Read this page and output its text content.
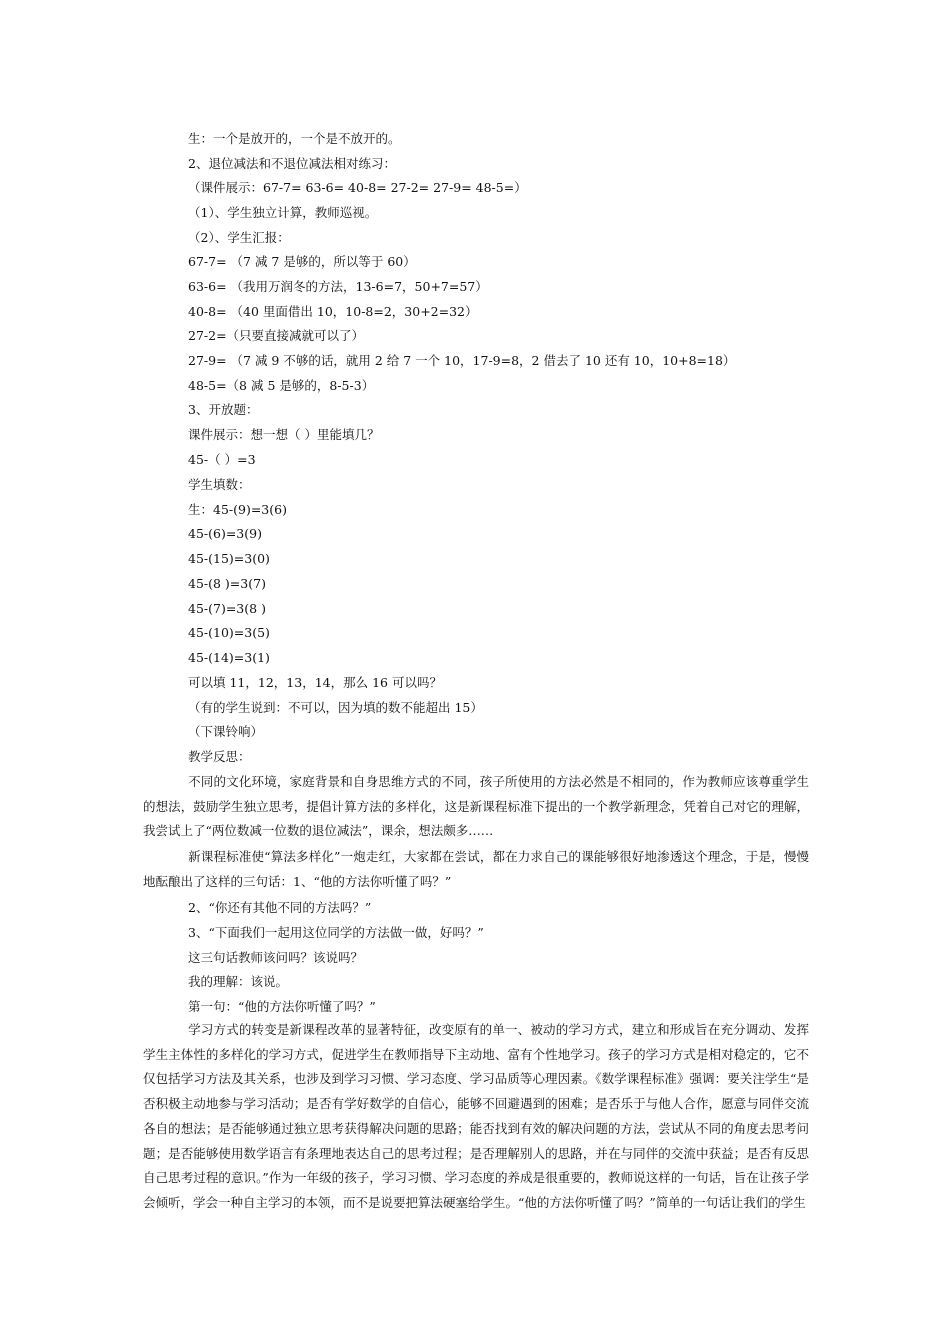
生：一个是放开的，一个是不放开的。
2、退位减法和不退位减法相对练习：
（课件展示：67-7= 63-6= 40-8= 27-2= 27-9= 48-5=）
（1）、学生独立计算，教师巡视。
（2）、学生汇报：
67-7= （7 减 7 是够的，所以等于 60）
63-6= （我用万润冬的方法，13-6=7，50+7=57）
40-8= （40 里面借出 10，10-8=2，30+2=32）
27-2=（只要直接减就可以了）
27-9= （7 减 9 不够的话，就用 2 给 7 一个 10，17-9=8，2 借去了 10 还有 10，10+8=18）
48-5=（8 减 5 是够的，8-5-3）
3、开放题：
课件展示：想一想（ ）里能填几？
45-（ ）=3
学生填数：
生：45-(9)=3(6)
45-(6)=3(9)
45-(15)=3(0)
45-(8 )=3(7)
45-(7)=3(8 )
45-(10)=3(5)
45-(14)=3(1)
可以填 11，12，13，14，那么 16 可以吗？
（有的学生说到：不可以，因为填的数不能超出 15）
（下课铃响）
教学反思：
不同的文化环境，家庭背景和自身思维方式的不同，孩子所使用的方法必然是不相同的，作为教师应该尊重学生的想法，鼓励学生独立思考，提倡计算方法的多样化，这是新课程标准下提出的一个教学新理念，凭着自己对它的理解，我尝试上了“两位数减一位数的退位减法”，课余，想法颇多……
新课程标准使“算法多样化”一炮走红，大家都在尝试，都在力求自己的课能够很好地渗透这个理念，于是，慢慢地酝酿出了这样的三句话：1、“他的方法你听懂了吗？”
2、“你还有其他不同的方法吗？”
3、“下面我们一起用这位同学的方法做一做，好吗？”
这三句话教师该问吗？该说吗？
我的理解：该说。
第一句：“他的方法你听懂了吗？”
学习方式的转变是新课程改革的显著特征，改变原有的单一、被动的学习方式，建立和形成旨在充分调动、发挥学生主体性的多样化的学习方式，促进学生在教师指导下主动地、富有个性地学习。孩子的学习方式是相对稳定的，它不仅包括学习方法及其关系，也涉及到学习习惯、学习态度、学习品质等心理因素。《数学课程标准》强调：要关注学生“是否积极主动地参与学习活动；是否有学好数学的自信心，能够不回避遇到的困难；是否乐于与他人合作，愿意与同伴交流各自的想法；是否能够通过独立思考获得解决问题的思路；能否找到有效的解决问题的方法，尝试从不同的角度去思考问题；是否能够使用数学语言有条理地表达自己的思考过程；是否理解别人的思路，并在与同伴的交流中获益；是否有反思自己思考过程的意识。”作为一年级的孩子，学习习惯、学习态度的养成是很重要的，教师说这样的一句话，旨在让孩子学会倾听，学会一种自主学习的本领，而不是说要把算法硬塞给学生。“他的方法你听懂了吗？”简单的一句话让我们的学生
